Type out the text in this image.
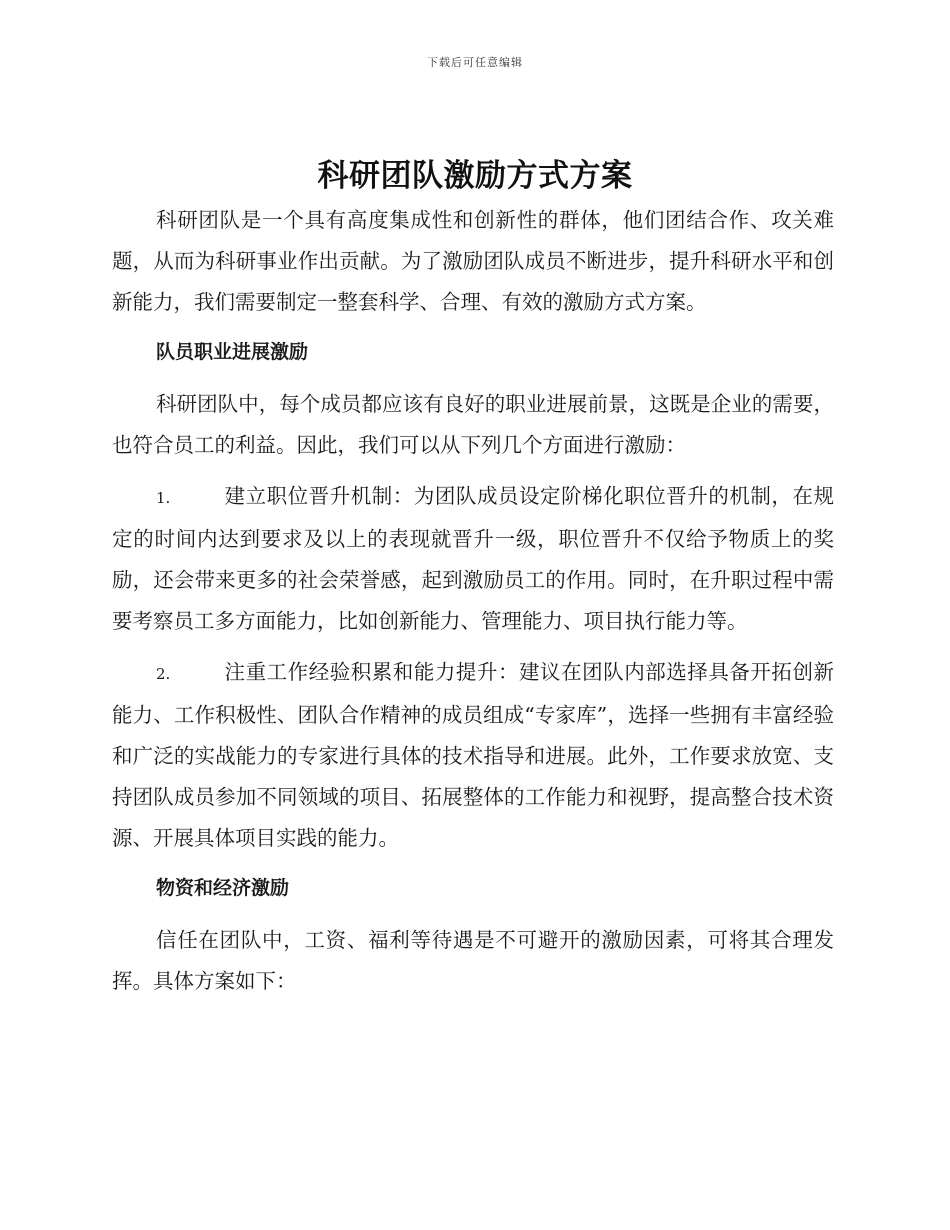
下载后可任意编辑
科研团队激励方式方案

科研团队是一个具有高度集成性和创新性的群体，他们团结合作、攻关难题，从而为科研事业作出贡献。为了激励团队成员不断进步，提升科研水平和创新能力，我们需要制定一整套科学、合理、有效的激励方式方案。

队员职业进展激励

科研团队中，每个成员都应该有良好的职业进展前景，这既是企业的需要，也符合员工的利益。因此，我们可以从下列几个方面进行激励：

1.	建立职位晋升机制：为团队成员设定阶梯化职位晋升的机制，在规定的时间内达到要求及以上的表现就晋升一级，职位晋升不仅给予物质上的奖励，还会带来更多的社会荣誉感，起到激励员工的作用。同时，在升职过程中需要考察员工多方面能力，比如创新能力、管理能力、项目执行能力等。

2.	注重工作经验积累和能力提升：建议在团队内部选择具备开拓创新能力、工作积极性、团队合作精神的成员组成“专家库”，选择一些拥有丰富经验和广泛的实战能力的专家进行具体的技术指导和进展。此外，工作要求放宽、支持团队成员参加不同领域的项目、拓展整体的工作能力和视野，提高整合技术资源、开展具体项目实践的能力。

物资和经济激励

信任在团队中，工资、福利等待遇是不可避开的激励因素，可将其合理发挥。具体方案如下：
